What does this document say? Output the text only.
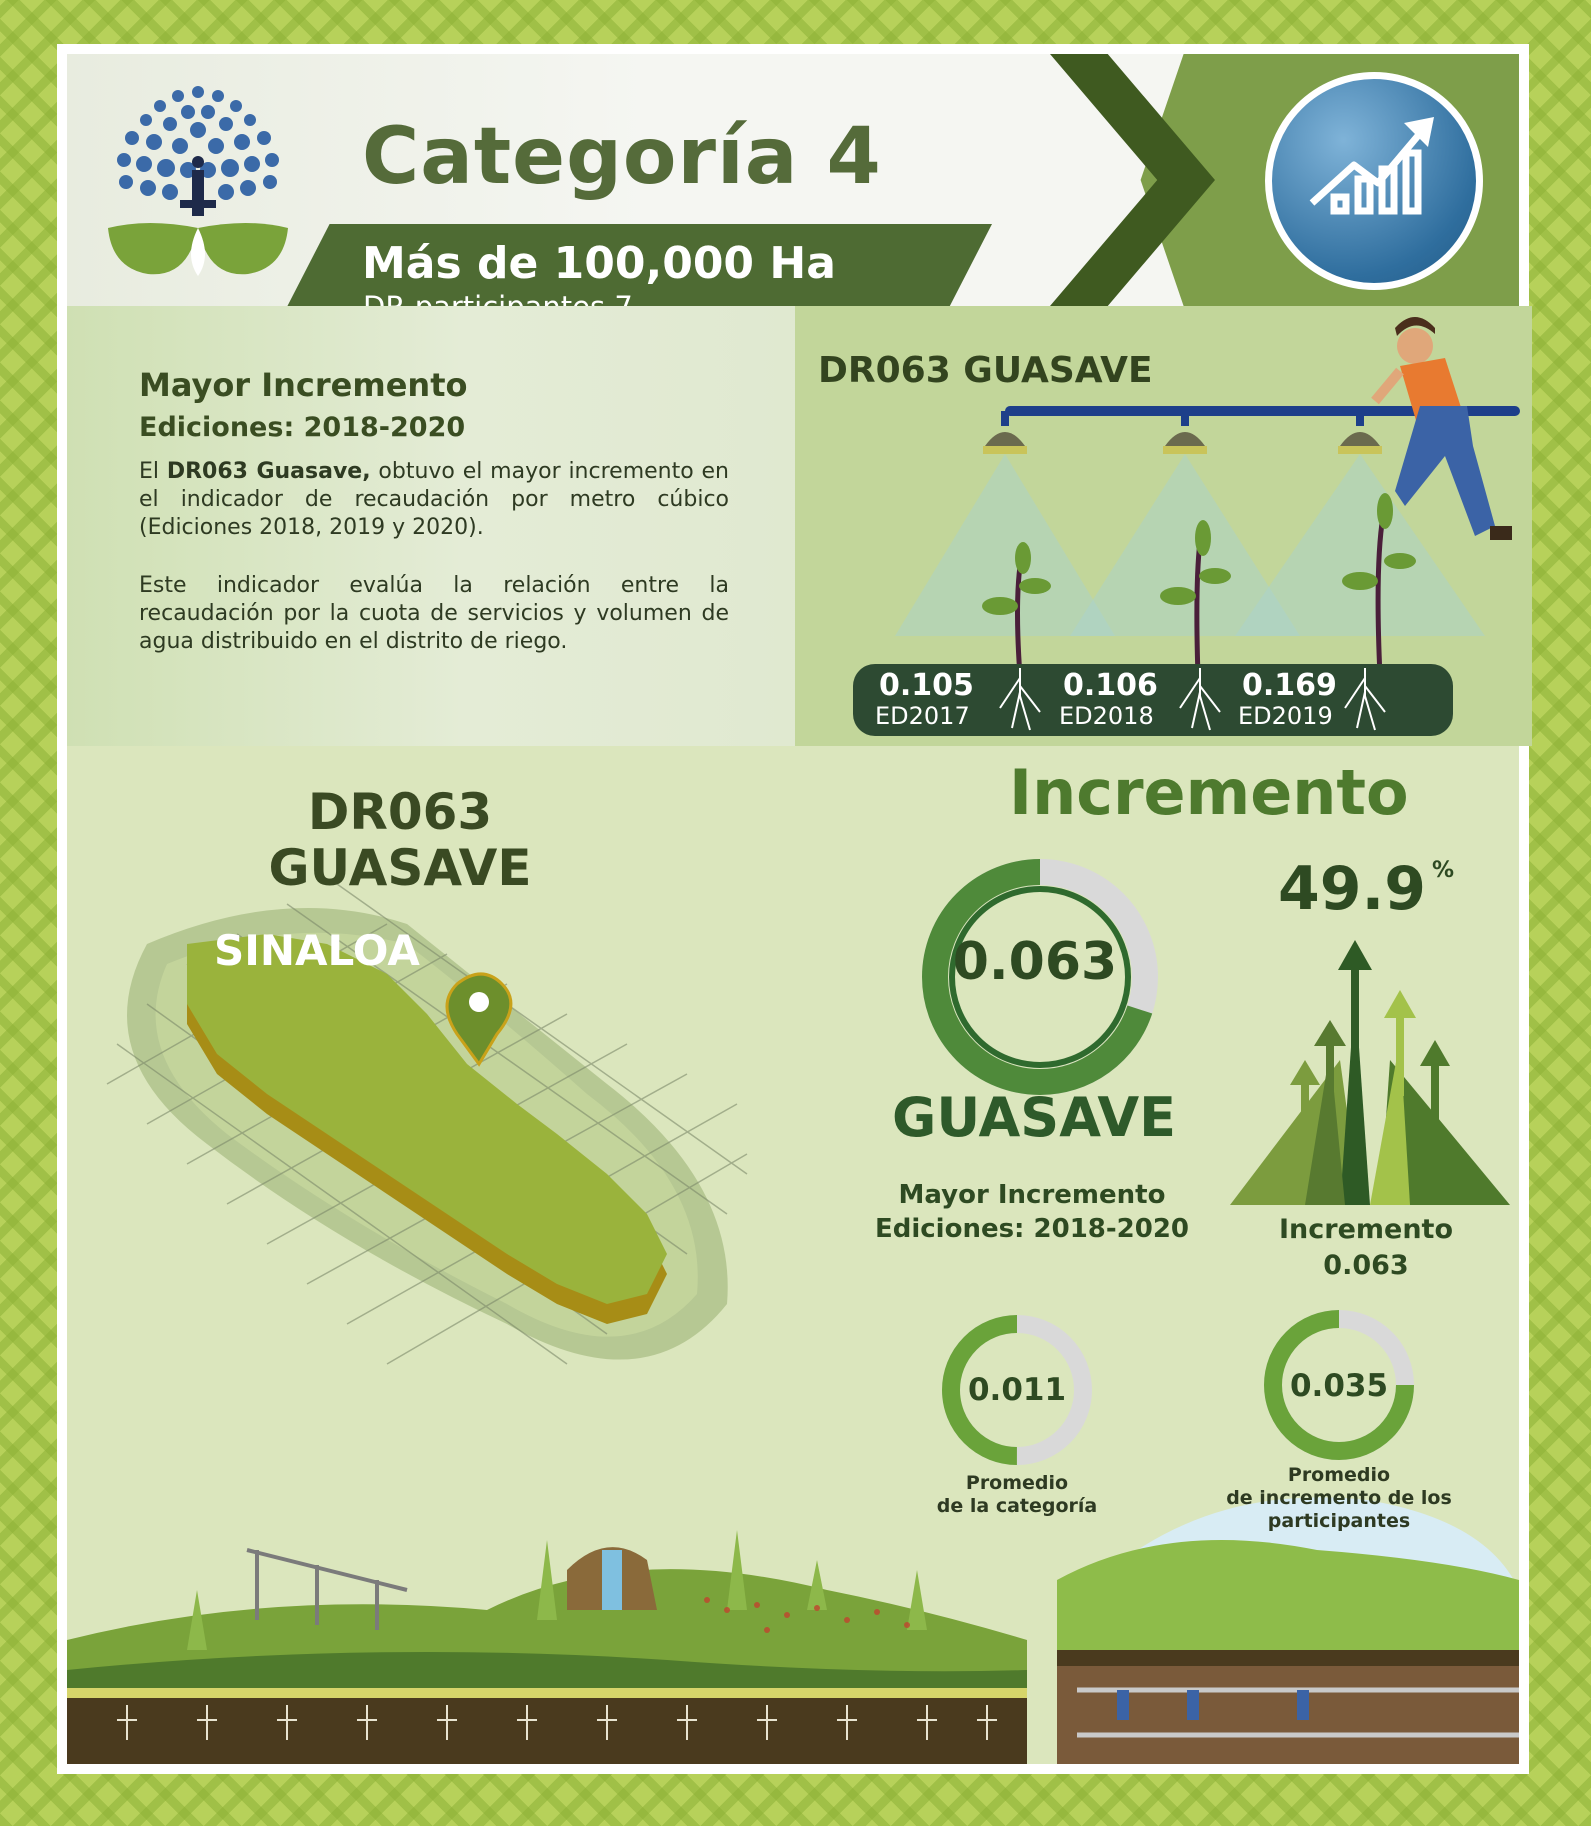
Categoría 4
Más de 100,000 Ha
Mayor Incremento
Ediciones: 2018-2020
El DR063 Guasave, obtuvo el mayor incremento en el indicador de recaudación por metro cúbico (Ediciones 2018, 2019 y 2020).
Este indicador evalúa la relación entre la recaudación por la cuota de servicios y volumen de agua distribuido en el distrito de riego.
DR063 GUASAVE
0.105
ED2017
0.106
ED2018
0.169
ED2019
DR063
GUASAVE
SINALOA
Incremento
0.063
GUASAVE
Mayor Incremento
Ediciones: 2018-2020
49.9 %
Incremento
0.063
0.011
Promedio
de la categoría
0.035
Promedio
de incremento de los
participantes
